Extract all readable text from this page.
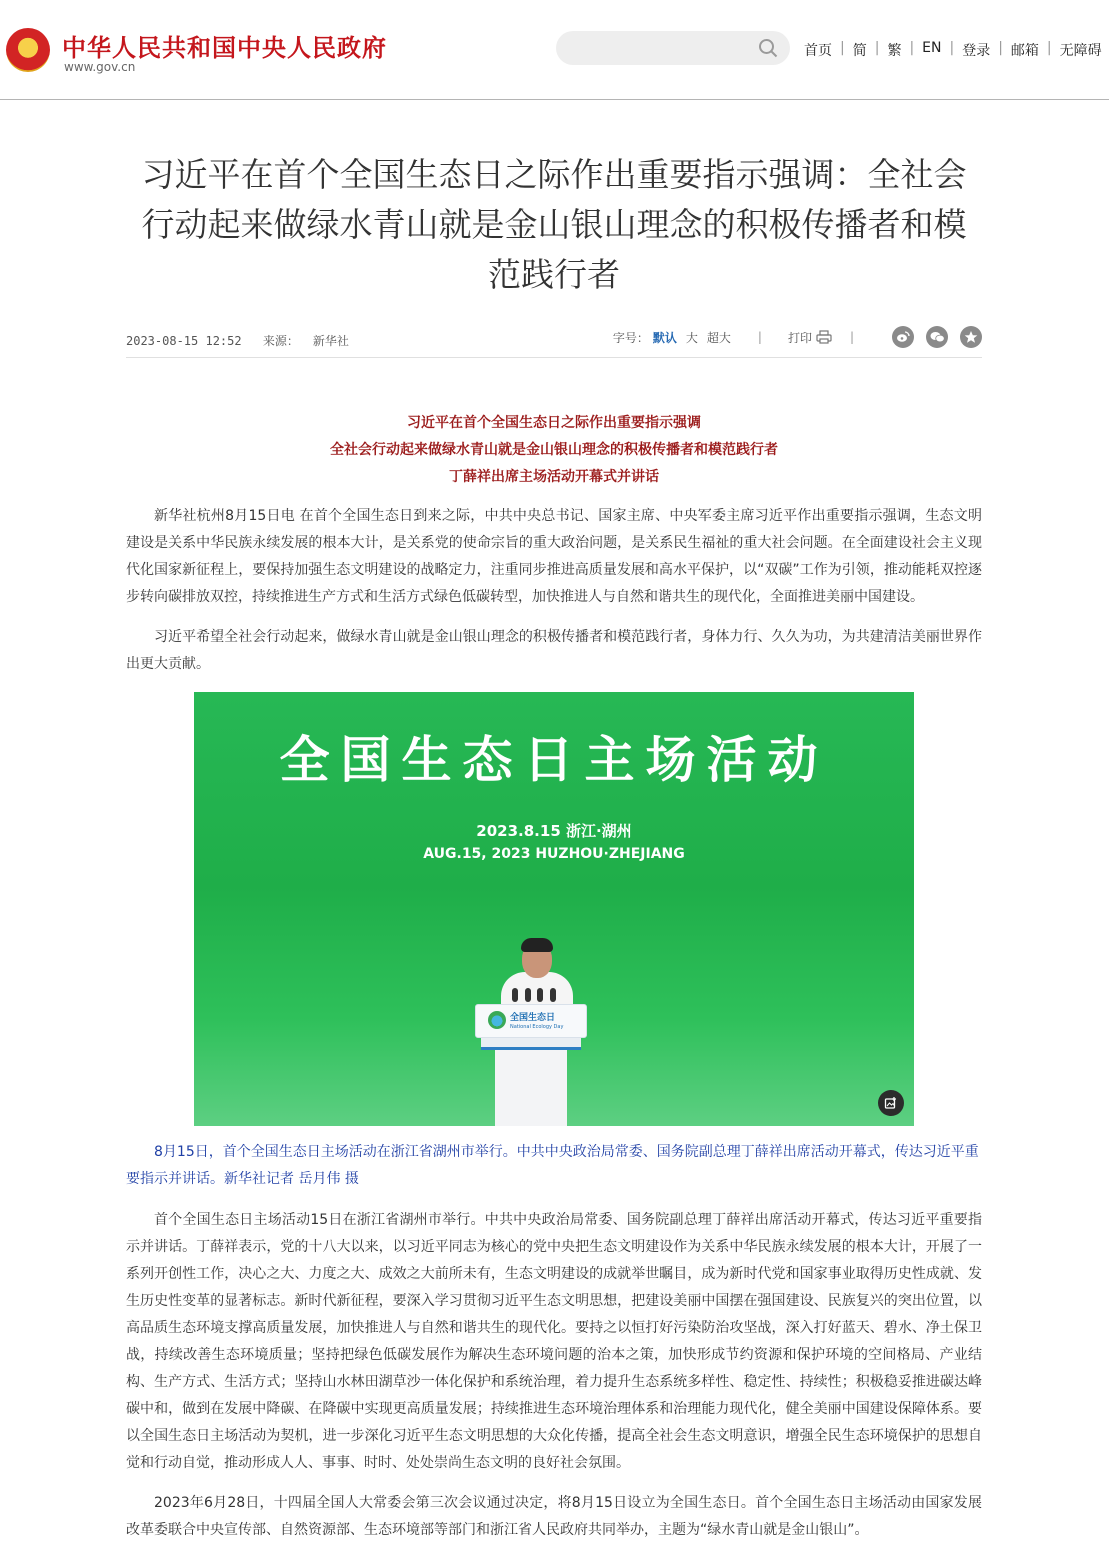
★ 中华人民共和国中央人民政府
www.gov.cn
首页 | 简 | 繁 | EN | 登录 | 邮箱 | 无障碍
习近平在首个全国生态日之际作出重要指示强调：全社会行动起来做绿水青山就是金山银山理念的积极传播者和模范践行者
2023-08-15 12:52 来源： 新华社	字号： 默认 大 超大 | 打印	|
习近平在首个全国生态日之际作出重要指示强调
全社会行动起来做绿水青山就是金山银山理念的积极传播者和模范践行者
丁薛祥出席主场活动开幕式并讲话

新华社杭州8月15日电 在首个全国生态日到来之际，中共中央总书记、国家主席、中央军委主席习近平作出重要指示强调，生态文明建设是关系中华民族永续发展的根本大计，是关系党的使命宗旨的重大政治问题，是关系民生福祉的重大社会问题。在全面建设社会主义现代化国家新征程上，要保持加强生态文明建设的战略定力，注重同步推进高质量发展和高水平保护，以“双碳”工作为引领，推动能耗双控逐步转向碳排放双控，持续推进生产方式和生活方式绿色低碳转型，加快推进人与自然和谐共生的现代化，全面推进美丽中国建设。

习近平希望全社会行动起来，做绿水青山就是金山银山理念的积极传播者和模范践行者，身体力行、久久为功，为共建清洁美丽世界作出更大贡献。

全国生态日主场活动
2023.8.15 浙江·湖州
AUG.15, 2023 HUZHOU·ZHEJIANG
全国生态日
National Ecology Day

8月15日，首个全国生态日主场活动在浙江省湖州市举行。中共中央政治局常委、国务院副总理丁薛祥出席活动开幕式，传达习近平重要指示并讲话。新华社记者 岳月伟 摄

首个全国生态日主场活动15日在浙江省湖州市举行。中共中央政治局常委、国务院副总理丁薛祥出席活动开幕式，传达习近平重要指示并讲话。丁薛祥表示，党的十八大以来，以习近平同志为核心的党中央把生态文明建设作为关系中华民族永续发展的根本大计，开展了一系列开创性工作，决心之大、力度之大、成效之大前所未有，生态文明建设的成就举世瞩目，成为新时代党和国家事业取得历史性成就、发生历史性变革的显著标志。新时代新征程，要深入学习贯彻习近平生态文明思想，把建设美丽中国摆在强国建设、民族复兴的突出位置，以高品质生态环境支撑高质量发展，加快推进人与自然和谐共生的现代化。要持之以恒打好污染防治攻坚战，深入打好蓝天、碧水、净土保卫战，持续改善生态环境质量；坚持把绿色低碳发展作为解决生态环境问题的治本之策，加快形成节约资源和保护环境的空间格局、产业结构、生产方式、生活方式；坚持山水林田湖草沙一体化保护和系统治理，着力提升生态系统多样性、稳定性、持续性；积极稳妥推进碳达峰碳中和，做到在发展中降碳、在降碳中实现更高质量发展；持续推进生态环境治理体系和治理能力现代化，健全美丽中国建设保障体系。要以全国生态日主场活动为契机，进一步深化习近平生态文明思想的大众化传播，提高全社会生态文明意识，增强全民生态环境保护的思想自觉和行动自觉，推动形成人人、事事、时时、处处崇尚生态文明的良好社会氛围。

2023年6月28日，十四届全国人大常委会第三次会议通过决定，将8月15日设立为全国生态日。首个全国生态日主场活动由国家发展改革委联合中央宣传部、自然资源部、生态环境部等部门和浙江省人民政府共同举办，主题为“绿水青山就是金山银山”。
